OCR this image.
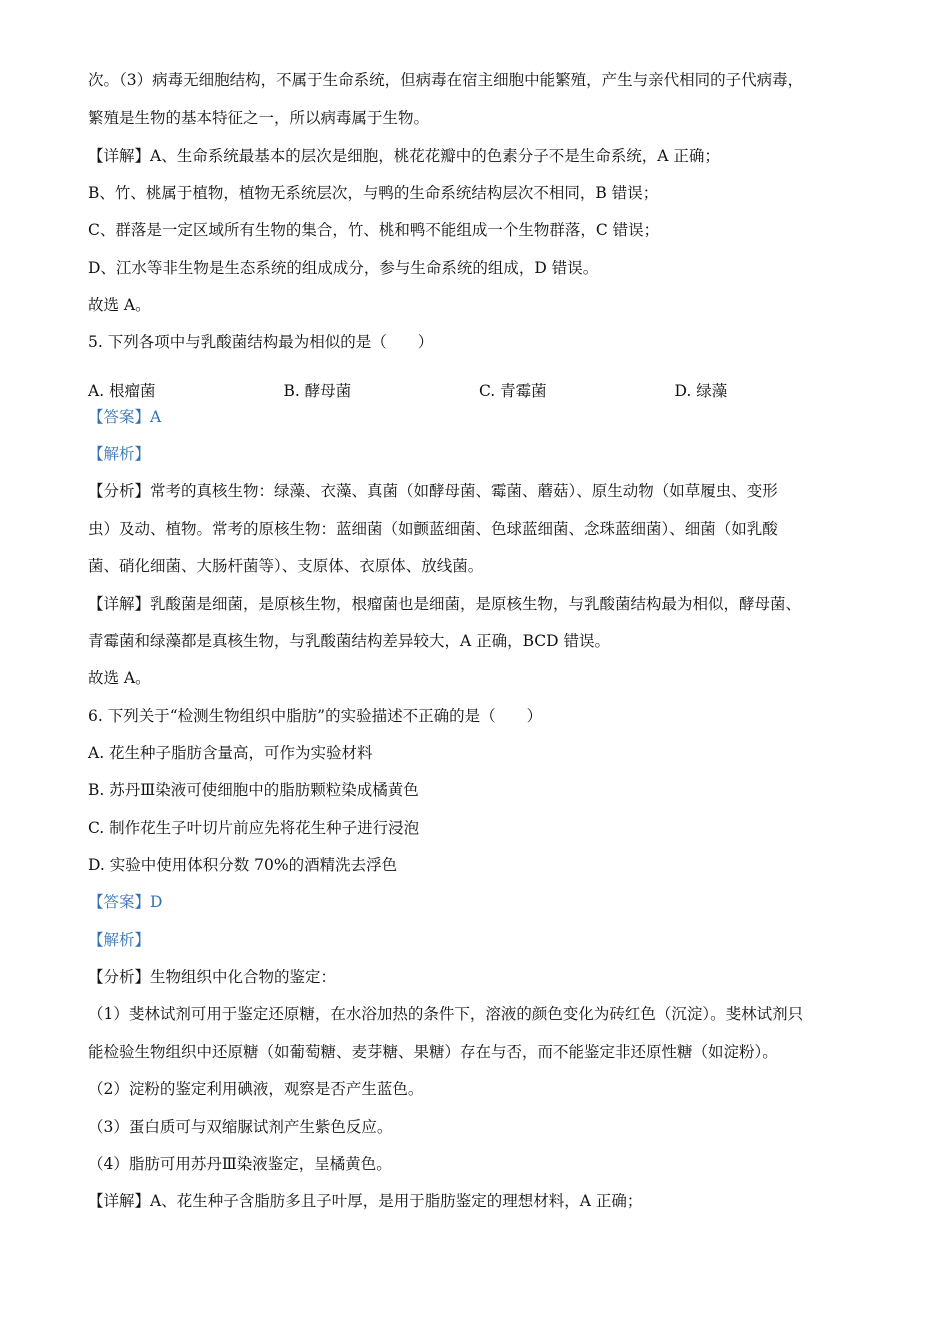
次。（3）病毒无细胞结构，不属于生命系统，但病毒在宿主细胞中能繁殖，产生与亲代相同的子代病毒，
繁殖是生物的基本特征之一，所以病毒属于生物。
【详解】A、生命系统最基本的层次是细胞，桃花花瓣中的色素分子不是生命系统，A 正确；
B、竹、桃属于植物，植物无系统层次，与鸭的生命系统结构层次不相同，B 错误；
C、群落是一定区域所有生物的集合，竹、桃和鸭不能组成一个生物群落，C 错误；
D、江水等非生物是生态系统的组成成分，参与生命系统的组成，D 错误。
故选 A。
5. 下列各项中与乳酸菌结构最为相似的是（　　）
【答案】A
【解析】
【分析】常考的真核生物：绿藻、衣藻、真菌（如酵母菌、霉菌、蘑菇）、原生动物（如草履虫、变形
虫）及动、植物。常考的原核生物：蓝细菌（如颤蓝细菌、色球蓝细菌、念珠蓝细菌）、细菌（如乳酸
菌、硝化细菌、大肠杆菌等）、支原体、衣原体、放线菌。
【详解】乳酸菌是细菌，是原核生物，根瘤菌也是细菌，是原核生物，与乳酸菌结构最为相似，酵母菌、
青霉菌和绿藻都是真核生物，与乳酸菌结构差异较大，A 正确，BCD 错误。
故选 A。
6. 下列关于“检测生物组织中脂肪”的实验描述不正确的是（　　）
A. 花生种子脂肪含量高，可作为实验材料
B. 苏丹Ⅲ染液可使细胞中的脂肪颗粒染成橘黄色
C. 制作花生子叶切片前应先将花生种子进行浸泡
D. 实验中使用体积分数 70%的酒精洗去浮色
【答案】D
【解析】
【分析】生物组织中化合物的鉴定：
（1）斐林试剂可用于鉴定还原糖，在水浴加热的条件下，溶液的颜色变化为砖红色（沉淀）。斐林试剂只
能检验生物组织中还原糖（如葡萄糖、麦芽糖、果糖）存在与否，而不能鉴定非还原性糖（如淀粉）。
（2）淀粉的鉴定利用碘液，观察是否产生蓝色。
（3）蛋白质可与双缩脲试剂产生紫色反应。
（4）脂肪可用苏丹Ⅲ染液鉴定，呈橘黄色。
【详解】A、花生种子含脂肪多且子叶厚，是用于脂肪鉴定的理想材料，A 正确；
A. 根瘤菌	B. 酵母菌	C. 青霉菌	D. 绿藻
